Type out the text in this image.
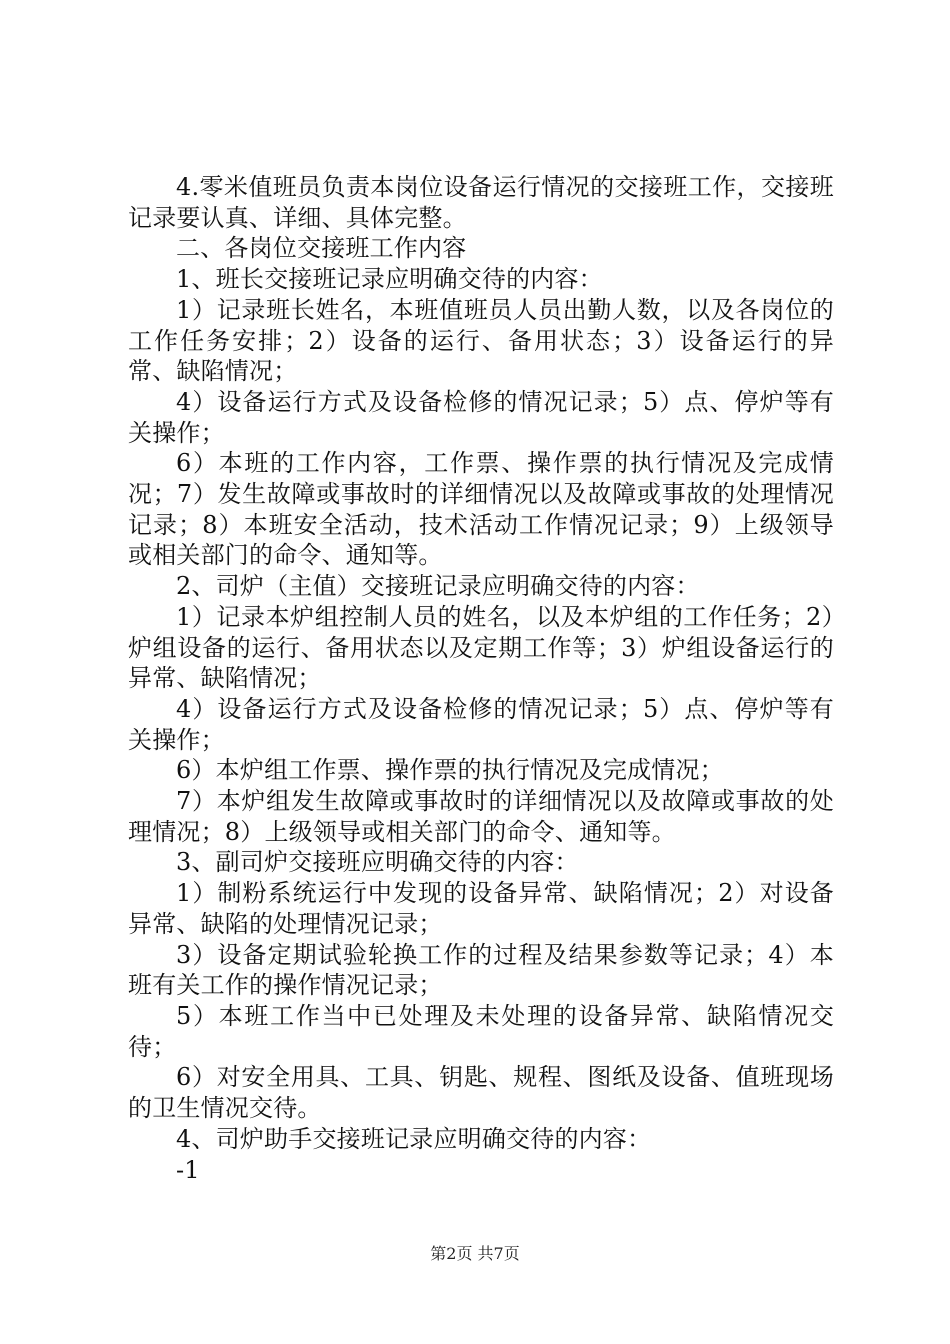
4.零米值班员负责本岗位设备运行情况的交接班工作，交接班记录要认真、详细、具体完整。

二、各岗位交接班工作内容

1、班长交接班记录应明确交待的内容：

1）记录班长姓名，本班值班员人员出勤人数，以及各岗位的工作任务安排；2）设备的运行、备用状态；3）设备运行的异常、缺陷情况；

4）设备运行方式及设备检修的情况记录；5）点、停炉等有关操作；

6）本班的工作内容，工作票、操作票的执行情况及完成情况；7）发生故障或事故时的详细情况以及故障或事故的处理情况记录；8）本班安全活动，技术活动工作情况记录；9）上级领导或相关部门的命令、通知等。

2、司炉（主值）交接班记录应明确交待的内容：

1）记录本炉组控制人员的姓名，以及本炉组的工作任务；2）炉组设备的运行、备用状态以及定期工作等；3）炉组设备运行的异常、缺陷情况；

4）设备运行方式及设备检修的情况记录；5）点、停炉等有关操作；

6）本炉组工作票、操作票的执行情况及完成情况；

7）本炉组发生故障或事故时的详细情况以及故障或事故的处理情况；8）上级领导或相关部门的命令、通知等。

3、副司炉交接班应明确交待的内容：

1）制粉系统运行中发现的设备异常、缺陷情况；2）对设备异常、缺陷的处理情况记录；

3）设备定期试验轮换工作的过程及结果参数等记录；4）本班有关工作的操作情况记录；

5）本班工作当中已处理及未处理的设备异常、缺陷情况交待；

6）对安全用具、工具、钥匙、规程、图纸及设备、值班现场的卫生情况交待。

4、司炉助手交接班记录应明确交待的内容：

-1

第2页 共7页
